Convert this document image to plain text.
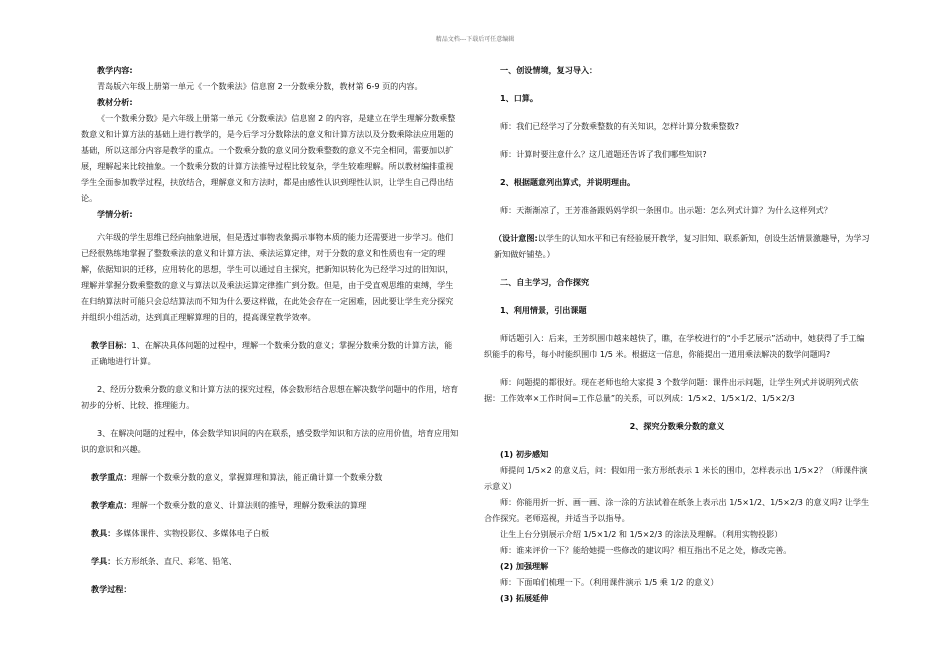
精品文档---下载后可任意编辑

教学内容:

青岛版六年级上册第一单元《一个数乘法》信息窗 2一分数乘分数，教材第 6-9 页的内容。

教材分析:

《一个数乘分数》是六年级上册第一单元《分数乘法》信息窗 2 的内容，是建立在学生理解分数乘整数意义和计算方法的基础上进行教学的，是今后学习分数除法的意义和计算方法以及分数乘除法应用题的基础，所以这部分内容是教学的重点。一个数乘分数的意义同分数乘整数的意义不完全相同，需要加以扩展，理解起来比较抽象。一个数乘分数的计算方法推导过程比较复杂，学生较难理解。所以教材编排重视学生全面参加教学过程，扶放结合，理解意义和方法时，都是由感性认识到理性认识，让学生自己得出结论。

学情分析:

六年级的学生思维已经向抽象进展，但是透过事物表象揭示事物本质的能力还需要进一步学习。他们已经很熟练地掌握了整数乘法的意义和计算方法、乘法运算定律，对于分数的意义和性质也有一定的理解，依据知识的迁移，应用转化的思想，学生可以通过自主探究，把新知识转化为已经学习过的旧知识，理解并掌握分数乘整数的意义与算法以及乘法运算定律推广到分数。但是，由于受直观思维的束缚，学生在归纳算法时可能只会总结算法而不知为什么要这样做，在此处会存在一定困难，因此要让学生充分探究并组织小组活动，达到真正理解算理的目的，提高课堂教学效率。

教学目标：1、在解决具体问题的过程中，理解一个数乘分数的意义；掌握分数乘分数的计算方法，能正确地进行计算。

2、经历分数乘分数的意义和计算方法的探究过程，体会数形结合思想在解决数学问题中的作用，培育初步的分析、比较、推理能力。

3、在解决问题的过程中，体会数学知识间的内在联系，感受数学知识和方法的应用价值，培育应用知识的意识和兴趣。

教学重点：理解一个数乘分数的意义，掌握算理和算法，能正确计算一个数乘分数

教学难点：理解一个数乘分数的意义、计算法则的推导，理解分数乘法的算理

教具：多媒体课件、实物投影仪、多媒体电子白板

学具：长方形纸条、直尺、彩笔、铅笔、

教学过程：

一、创设情境，复习导入：

1、口算。

师：我们已经学习了分数乘整数的有关知识，怎样计算分数乘整数?

师：计算时要注意什么？这几道题还告诉了我们哪些知识?

2、根据题意列出算式，并说明理由。

师：天渐渐凉了，王芳准备跟妈妈学织一条围巾。出示题：怎么列式计算？为什么这样列式？

（设计意图:以学生的认知水平和已有经验展开教学，复习旧知、联系新知，创设生活情景激趣导，为学习新知做好铺垫。）

二、自主学习，合作探究

1、利用情景，引出课题

师话题引入：后来，王芳织围巾越来越快了，瞧，在学校进行的“小手艺展示”活动中，她获得了手工编织能手的称号，每小时能织围巾 1/5 米。根据这一信息，你能提出一道用乘法解决的数学问题吗?

师：问题提的都很好。现在老师也给大家提 3 个数学问题：课件出示问题，让学生列式并说明列式依据：工作效率×工作时间=工作总量”的关系，可以列成：1/5×2、1/5×1/2、1/5×2/3

2、探究分数乘分数的意义

(1) 初步感知

师提问 1/5×2 的意义后，问：假如用一张方形纸表示 1 米长的围巾，怎样表示出 1/5×2？（师课件演示意义）

师：你能用折一折、画一画、涂一涂的方法试着在纸条上表示出 1/5×1/2、1/5×2/3 的意义吗? 让学生合作探究。老师巡视，并适当予以指导。

让生上台分别展示介绍 1/5×1/2 和 1/5×2/3 的涂法及理解。（利用实物投影）

师：谁来评价一下？能给她提一些修改的建议吗？相互指出不足之处，修改完善。

(2) 加强理解

师：下面咱们梳理一下。（利用课件演示 1/5 乘 1/2 的意义）

(3) 拓展延伸
